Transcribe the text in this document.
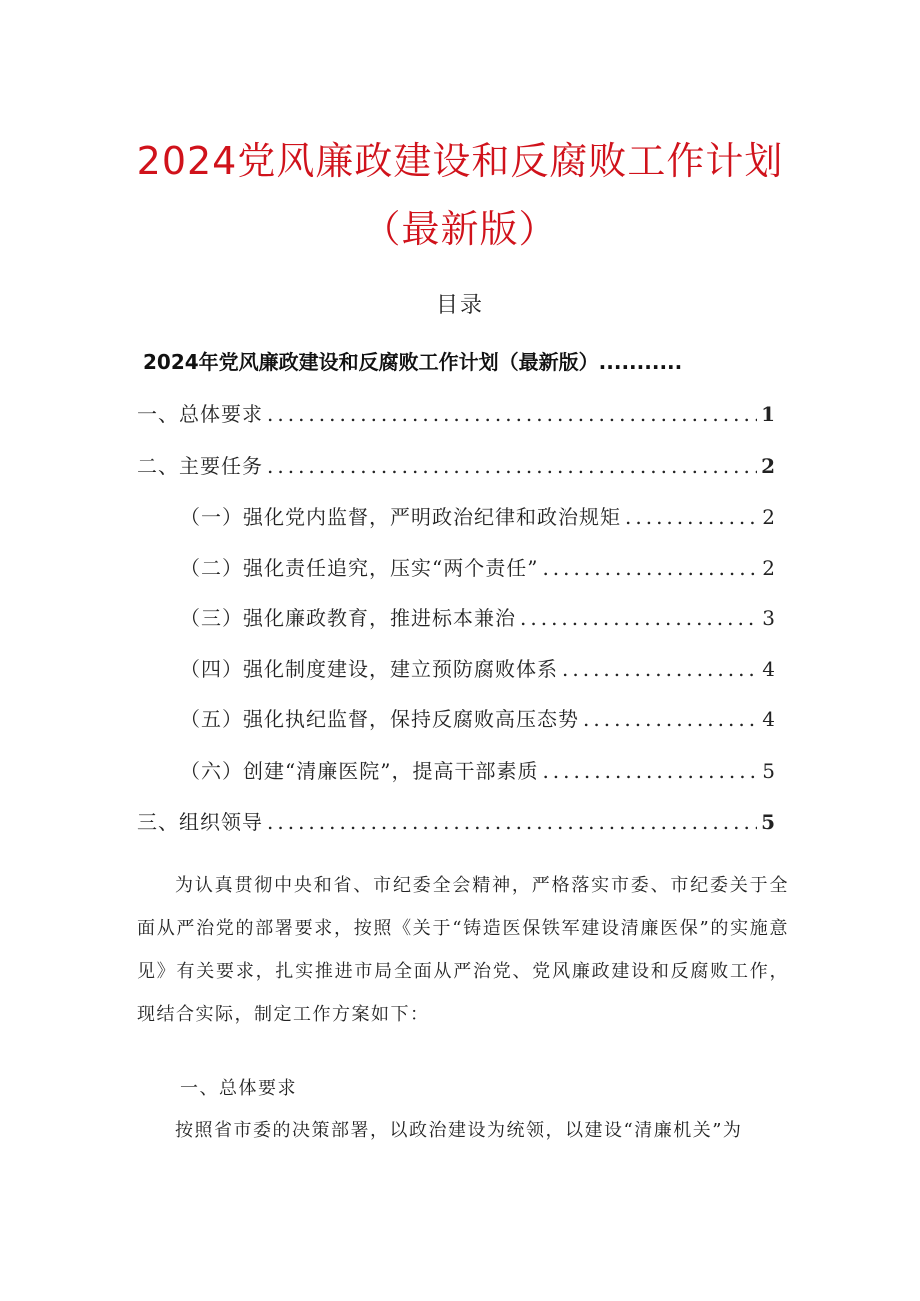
2024党风廉政建设和反腐败工作计划
（最新版）
目录
2024年党风廉政建设和反腐败工作计划（最新版）...........
一、总体要求 .....	1
二、主要任务 .....	2
（一）强化党内监督，严明政治纪律和政治规矩 .....	2
（二）强化责任追究，压实“两个责任” .....	2
（三）强化廉政教育，推进标本兼治 .....	3
（四）强化制度建设，建立预防腐败体系 .....	4
（五）强化执纪监督，保持反腐败高压态势 .....	4
（六）创建“清廉医院”，提高干部素质 .....	5
三、组织领导 .....	5
为认真贯彻中央和省、市纪委全会精神，严格落实市委、市纪委关于全面从严治党的部署要求，按照《关于“铸造医保铁军建设清廉医保”的实施意见》有关要求，扎实推进市局全面从严治党、党风廉政建设和反腐败工作，现结合实际，制定工作方案如下：
一、总体要求
按照省市委的决策部署，以政治建设为统领，以建设“清廉机关”为
